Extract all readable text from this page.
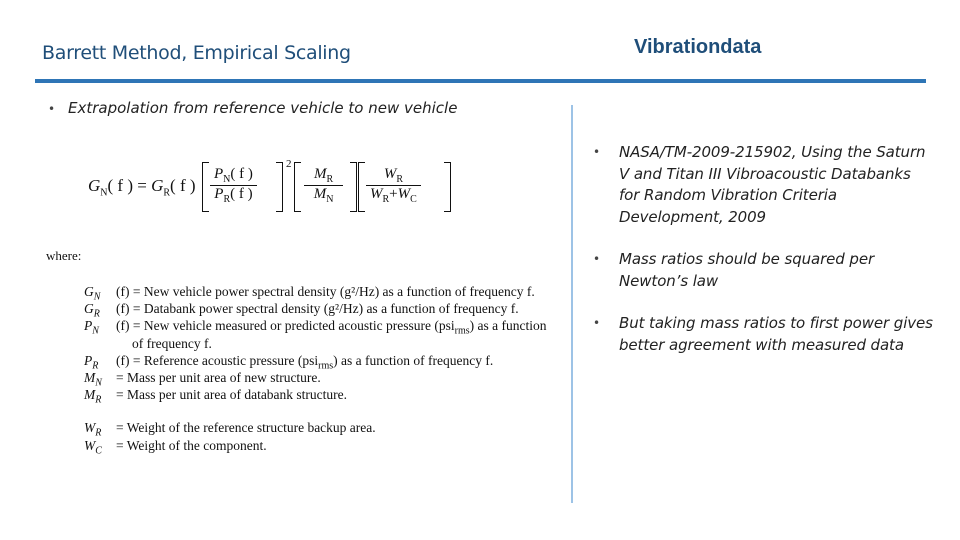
Barrett Method, Empirical Scaling	Vibrationdata
• Extrapolation from reference vehicle to new vehicle
$G_N$( f ) = $G_R$( f ) $\frac{P_N( f )}{P_R( f )}$
2
$\frac{M_R}{M_N} \frac{W_R}{W_R+W_C}$
where:
$G_N$ (f) = New vehicle power spectral density (g²/Hz) as a function of frequency f.
$G_R$ (f) = Databank power spectral density (g²/Hz) as a function of frequency f.
$P_N$ (f) = New vehicle measured or predicted acoustic pressure (psi$_{rms}$) as a function
of frequency f.
$P_R$ (f) = Reference acoustic pressure (psi$_{rms}$) as a function of frequency f.
$M_N$ = Mass per unit area of new structure.
$M_R$ = Mass per unit area of databank structure.
$W_R$ = Weight of the reference structure backup area.
$W_C$ = Weight of the component.
• NASA/TM-2009-215902, Using the Saturn V and Titan III Vibroacoustic Databanks for Random Vibration Criteria Development, 2009
• Mass ratios should be squared per Newton’s law
• But taking mass ratios to first power gives better agreement with measured data
